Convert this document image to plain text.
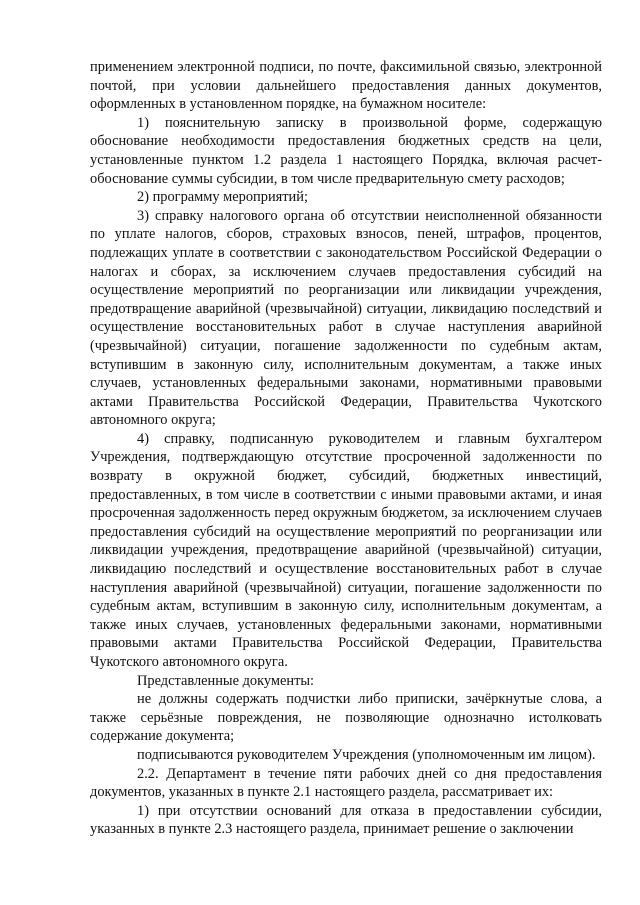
применением электронной подписи, по почте, факсимильной связью, электронной почтой, при условии дальнейшего предоставления данных документов, оформленных в установленном порядке, на бумажном носителе:

1) пояснительную записку в произвольной форме, содержащую обоснование необходимости предоставления бюджетных средств на цели, установленные пунктом 1.2 раздела 1 настоящего Порядка, включая расчет-обоснование суммы субсидии, в том числе предварительную смету расходов;

2) программу мероприятий;

3) справку налогового органа об отсутствии неисполненной обязанности по уплате налогов, сборов, страховых взносов, пеней, штрафов, процентов, подлежащих уплате в соответствии с законодательством Российской Федерации о налогах и сборах, за исключением случаев предоставления субсидий на осуществление мероприятий по реорганизации или ликвидации учреждения, предотвращение аварийной (чрезвычайной) ситуации, ликвидацию последствий и осуществление восстановительных работ в случае наступления аварийной (чрезвычайной) ситуации, погашение задолженности по судебным актам, вступившим в законную силу, исполнительным документам, а также иных случаев, установленных федеральными законами, нормативными правовыми актами Правительства Российской Федерации, Правительства Чукотского автономного округа;

4) справку, подписанную руководителем и главным бухгалтером Учреждения, подтверждающую отсутствие просроченной задолженности по возврату в окружной бюджет, субсидий, бюджетных инвестиций, предоставленных, в том числе в соответствии с иными правовыми актами, и иная просроченная задолженность перед окружным бюджетом, за исключением случаев предоставления субсидий на осуществление мероприятий по реорганизации или ликвидации учреждения, предотвращение аварийной (чрезвычайной) ситуации, ликвидацию последствий и осуществление восстановительных работ в случае наступления аварийной (чрезвычайной) ситуации, погашение задолженности по судебным актам, вступившим в законную силу, исполнительным документам, а также иных случаев, установленных федеральными законами, нормативными правовыми актами Правительства Российской Федерации, Правительства Чукотского автономного округа.

Представленные документы:

не должны содержать подчистки либо приписки, зачёркнутые слова, а также серьёзные повреждения, не позволяющие однозначно истолковать содержание документа;

подписываются руководителем Учреждения (уполномоченным им лицом).

2.2. Департамент в течение пяти рабочих дней со дня предоставления документов, указанных в пункте 2.1 настоящего раздела, рассматривает их:

1) при отсутствии оснований для отказа в предоставлении субсидии, указанных в пункте 2.3 настоящего раздела, принимает решение о заключении
